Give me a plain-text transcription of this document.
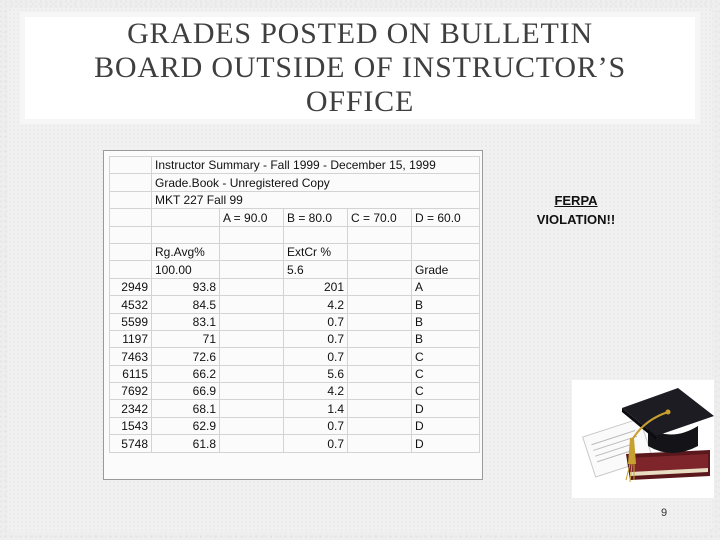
GRADES POSTED ON BULLETIN
BOARD OUTSIDE OF INSTRUCTOR’S
OFFICE
	Instructor Summary - Fall 1999 - December 15, 1999				
	Grade.Book - Unregistered Copy				
	MKT 227 Fall 99				
		A = 90.0	B = 80.0	C = 70.0	D = 60.0

	Rg.Avg%		ExtCr %		
	100.00		5.6		Grade
2949	93.8		201		A
4532	84.5		4.2		B
5599	83.1		0.7		B
1197	71		0.7		B
7463	72.6		0.7		C
6115	66.2		5.6		C
7692	66.9		4.2		C
2342	68.1		1.4		D
1543	62.9		0.7		D
5748	61.8		0.7		D
FERPA
VIOLATION!!
9
